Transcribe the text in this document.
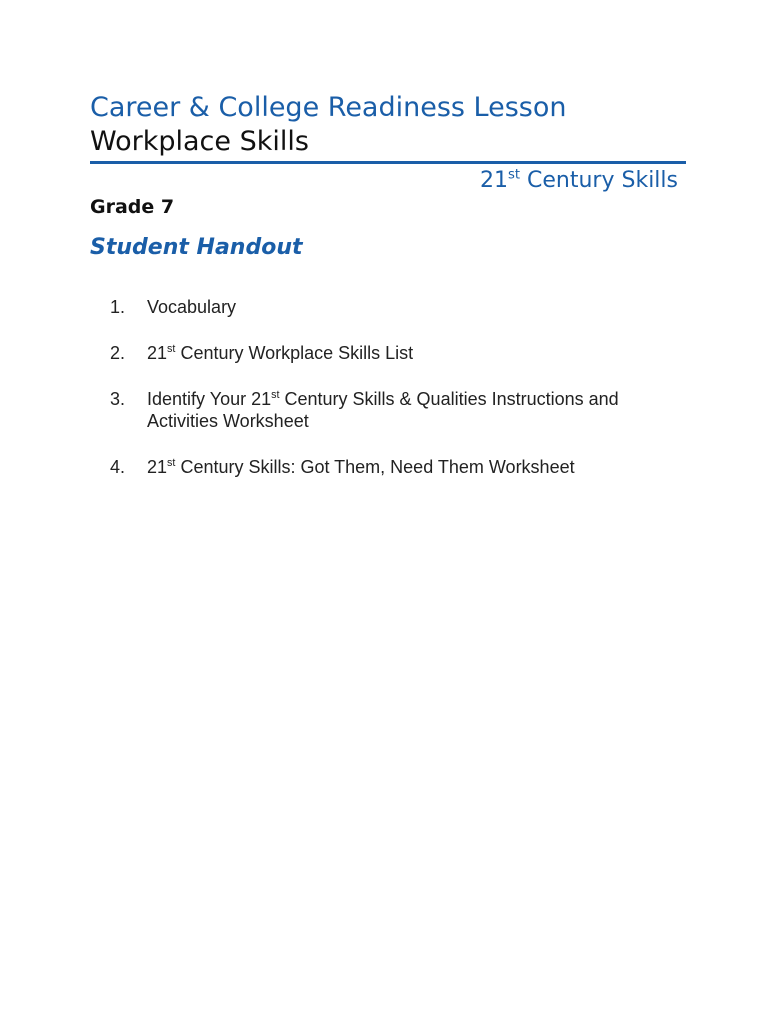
Career & College Readiness Lesson
Workplace Skills
21st Century Skills
Grade 7
Student Handout
1.	Vocabulary
2.	21st Century Workplace Skills List
3.	Identify Your 21st Century Skills & Qualities Instructions and Activities Worksheet
4.	21st Century Skills: Got Them, Need Them Worksheet
